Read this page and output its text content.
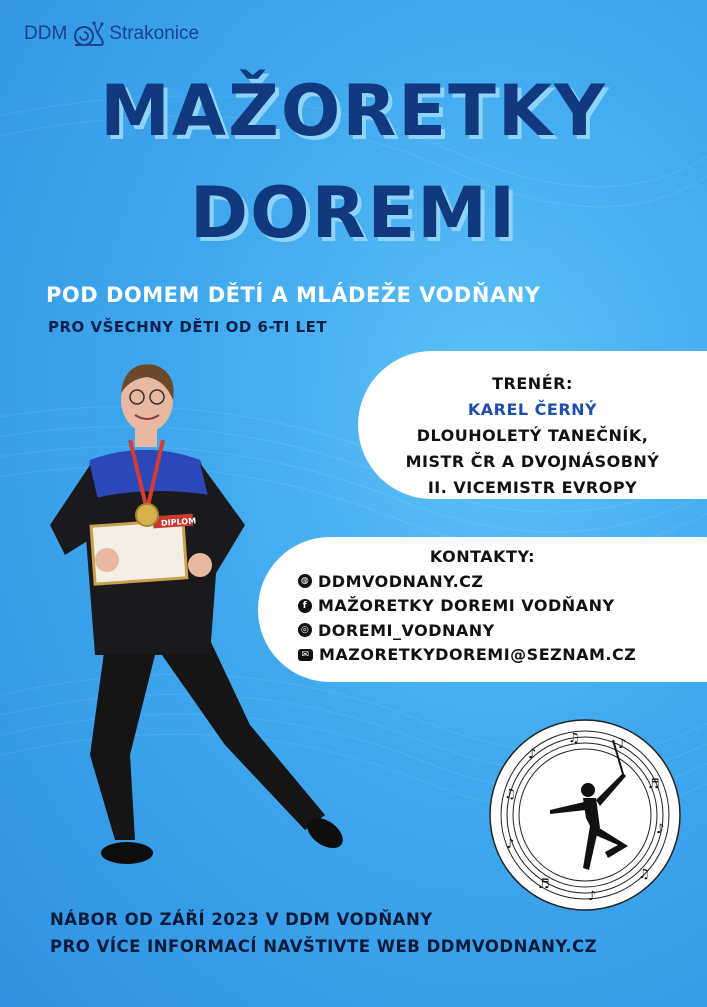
DDM Strakonice
MAŽORETKY
DOREMI

POD DOMEM DĚTÍ A MLÁDEŽE VODŇANY

PRO VŠECHNY DĚTI OD 6-TI LET

TRENÉR:

KAREL ČERNÝ

DLOUHOLETÝ TANEČNÍK,

MISTR ČR A DVOJNÁSOBNÝ

II. VICEMISTR EVROPY

KONTAKTY:

◍ DDMVODNANY.CZ
f MAŽORETKY DOREMI VODŇANY
◎ DOREMI_VODNANY
✉ MAZORETKYDOREMI@SEZNAM.CZ
DIPLOM
♪
♫	♪
♬
♪
♫
♪
♬
♪
♫

NÁBOR OD ZÁŘÍ 2023 V DDM VODŇANY

PRO VÍCE INFORMACÍ NAVŠTIVTE WEB DDMVODNANY.CZ
